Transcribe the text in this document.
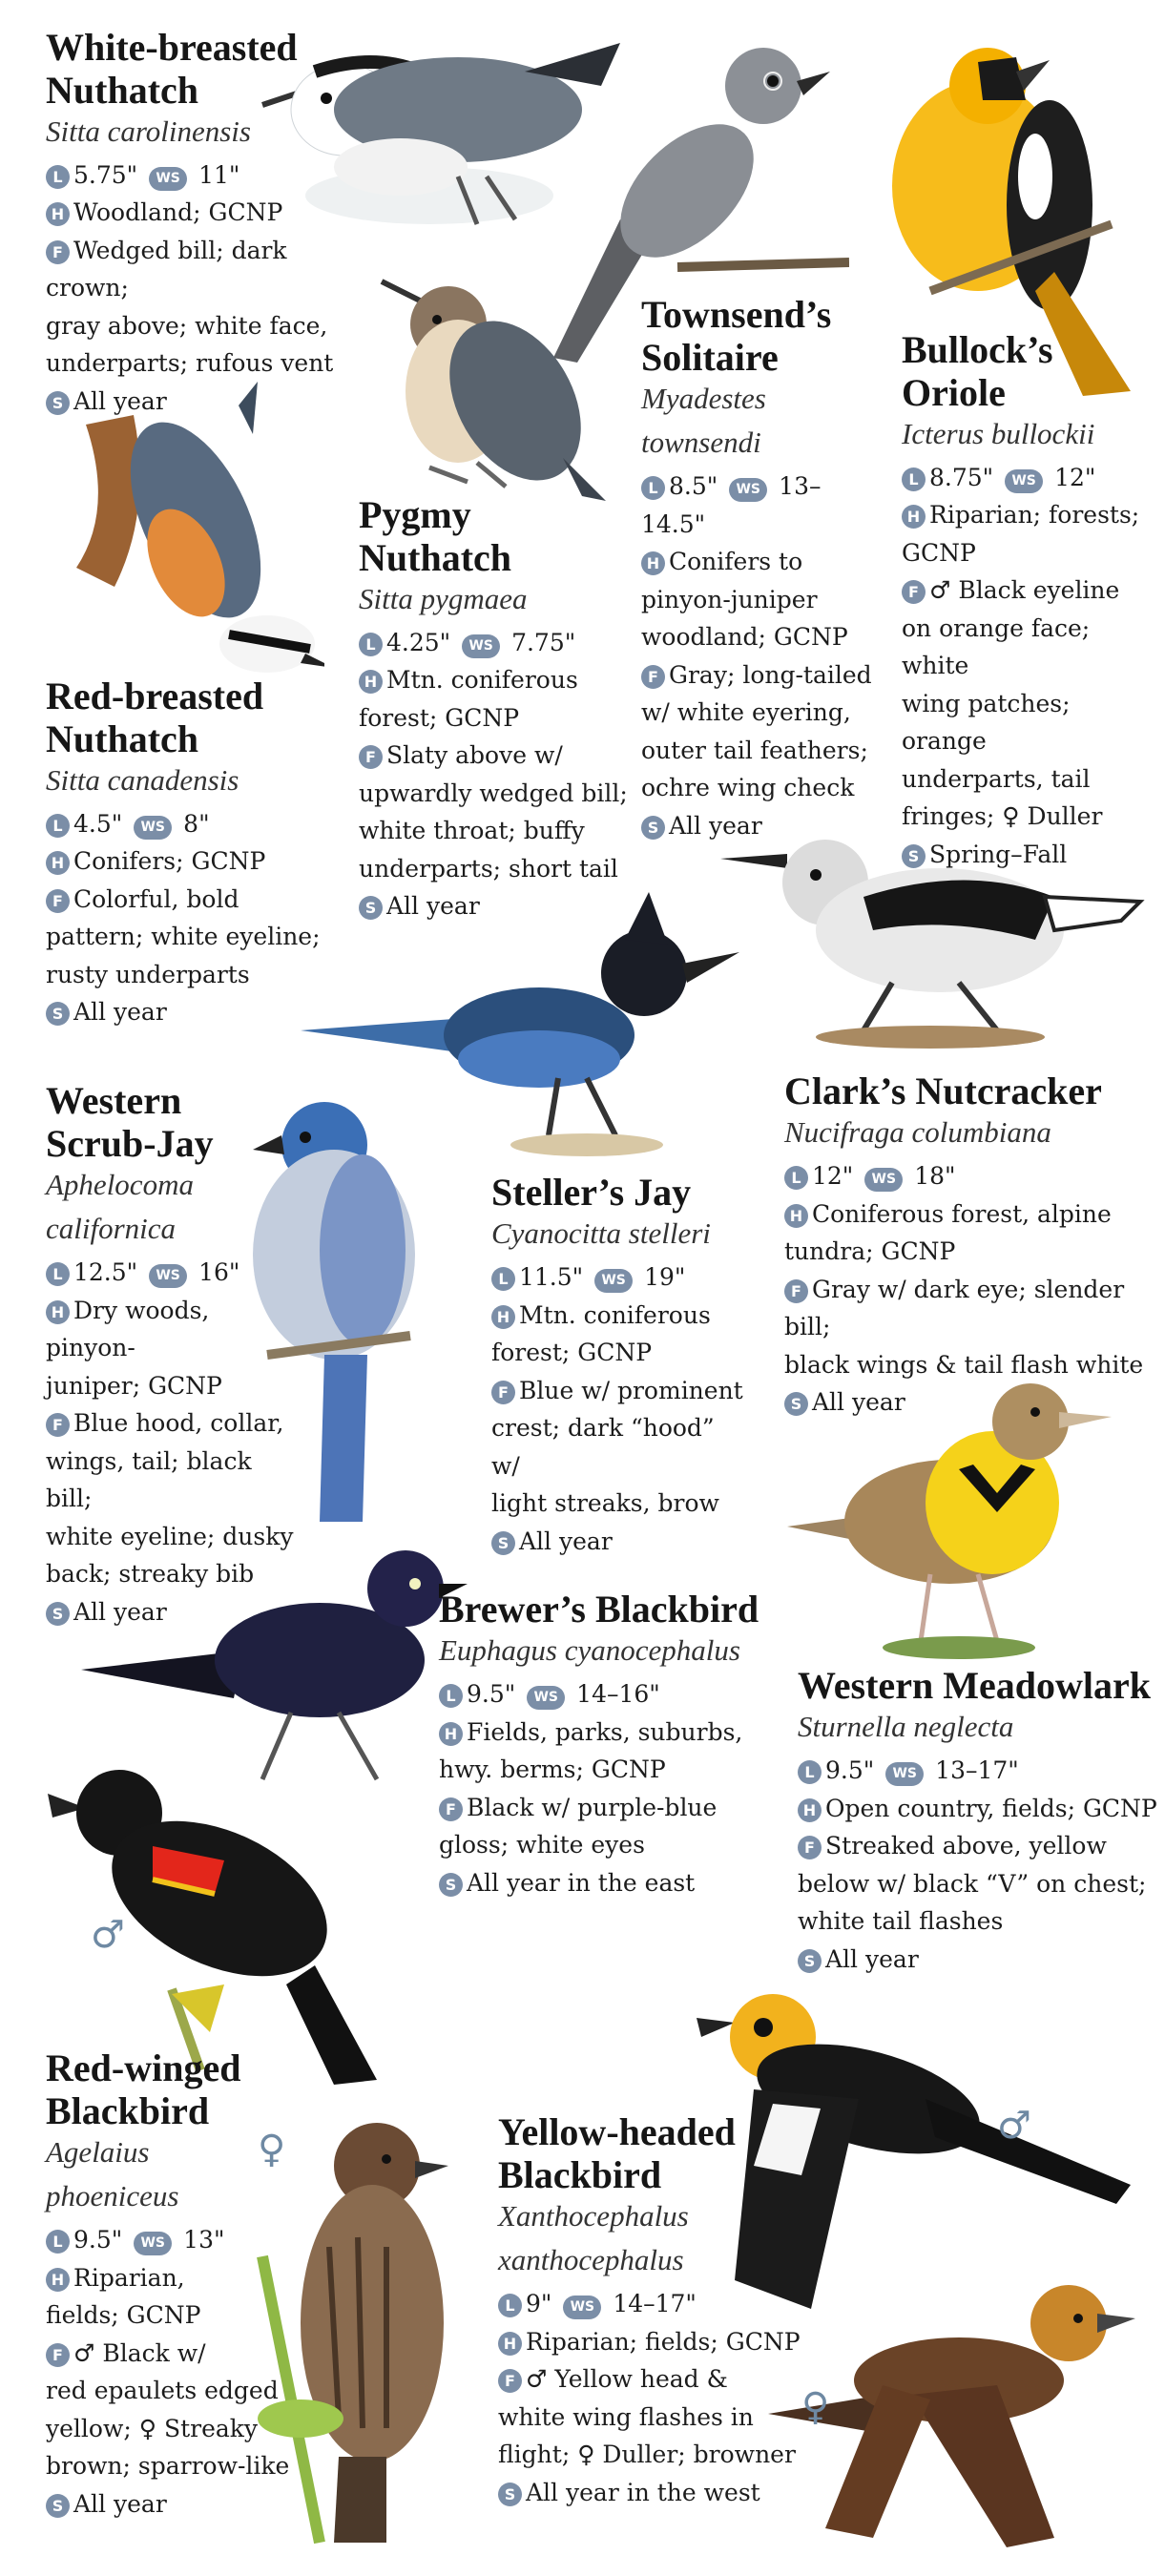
♂
♀
♂
♀
White-breasted
Nuthatch
Sitta carolinensis
L 5.75" WS 11"
H Woodland; GCNP
F Wedged bill; dark crown;
gray above; white face,
underparts; rufous vent
S All year
Red-breasted
Nuthatch
Sitta canadensis
L 4.5" WS 8"
H Conifers; GCNP
F Colorful, bold
pattern; white eyeline;
rusty underparts
S All year
Pygmy
Nuthatch
Sitta pygmaea
L 4.25" WS 7.75"
H Mtn. coniferous
forest; GCNP
F Slaty above w/
upwardly wedged bill;
white throat; buffy
underparts; short tail
S All year
Townsend’s
Solitaire
Myadestes
townsendi
L 8.5" WS 13–14.5"
H Conifers to
pinyon-juniper
woodland; GCNP
F Gray; long-tailed
w/ white eyering,
outer tail feathers;
ochre wing check
S All year
Bullock’s
Oriole
Icterus bullockii
L 8.75" WS 12"
H Riparian; forests;
GCNP
F ♂ Black eyeline
on orange face; white
wing patches; orange
underparts, tail
fringes; ♀ Duller
S Spring–Fall
Western
Scrub-Jay
Aphelocoma
californica
L 12.5" WS 16"
H Dry woods, pinyon-
juniper; GCNP
F Blue hood, collar,
wings, tail; black bill;
white eyeline; dusky
back; streaky bib
S All year
Steller’s Jay
Cyanocitta stelleri
L 11.5" WS 19"
H Mtn. coniferous
forest; GCNP
F Blue w/ prominent
crest; dark “hood” w/
light streaks, brow
S All year
Clark’s Nutcracker
Nucifraga columbiana
L 12" WS 18"
H Coniferous forest, alpine
tundra; GCNP
F Gray w/ dark eye; slender bill;
black wings & tail flash white
S All year
Brewer’s Blackbird
Euphagus cyanocephalus
L 9.5" WS 14–16"
H Fields, parks, suburbs,
hwy. berms; GCNP
F Black w/ purple-blue
gloss; white eyes
S All year in the east
Western Meadowlark
Sturnella neglecta
L 9.5" WS 13–17"
H Open country, fields; GCNP
F Streaked above, yellow
below w/ black “V” on chest;
white tail flashes
S All year
Red-winged
Blackbird
Agelaius
phoeniceus
L 9.5" WS 13"
H Riparian,
fields; GCNP
F ♂ Black w/
red epaulets edged
yellow; ♀ Streaky
brown; sparrow-like
S All year
Yellow-headed
Blackbird
Xanthocephalus
xanthocephalus
L 9" WS 14–17"
H Riparian; fields; GCNP
F ♂ Yellow head &
white wing flashes in
flight; ♀ Duller; browner
S All year in the west
